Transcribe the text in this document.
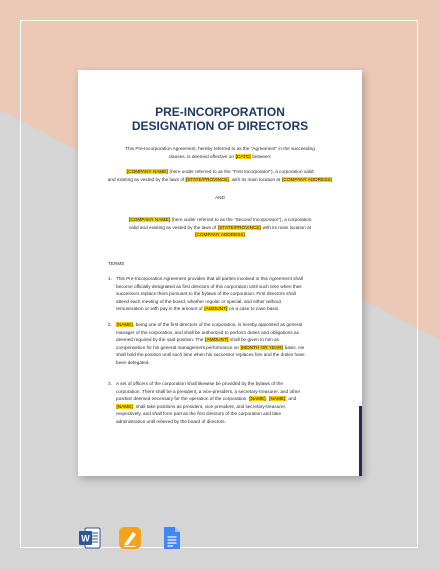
PRE-INCORPORATION
DESIGNATION OF DIRECTORS
This Pre-Incorporation Agreement, hereby referred to as the "Agreement" in the succeeding
clauses, is deemed effective on [DATE] between:
[COMPANY NAME] (here under referred to as the "First Incorporator"), a corporation valid
and existing as vested by the laws of [STATE/PROVINCE], with its main location at [COMPANY ADDRESS]
AND
[COMPANY NAME] (here under referred to as the "Second Incorporator"), a corporation
valid and existing as vested by the laws of [STATE/PROVINCE] with its main location at
[COMPANY ADDRESS]
TERMS
1. This Pre-Incorporation Agreement provides that all parties involved in this Agreement shall
become officially designated as first directors of this corporation until such time when their
successors replace them pursuant to the bylaws of the corporation. First directors shall
attend each meeting of the board, whether regular or special, and either without
remuneration or with pay in the amount of [AMOUNT] on a case to case basis.
2. [NAME], being one of the first directors of the corporation, is hereby appointed as general
manager of the corporation, and shall be authorized to perform duties and obligations as
deemed required by the said position. The [AMOUNT] shall be given to him as
compensation for his general management performance on [MONTH OR YEAR] basis. He
shall hold the position until such time when his successor replaces him and the duties have
been delegated.
3. A set of officers of the corporation shall likewise be provided by the bylaws of the
corporation. There shall be a president, a vice-president, a secretary-treasurer, and other
position deemed necessary for the operation of the corporation. [NAME], [NAME], and
[NAME], shall take positions as president, vice president, and secretary-treasurer,
respectively, and shall form part as the first directors of the corporation and take
administration until relieved by the board of directors.
W
